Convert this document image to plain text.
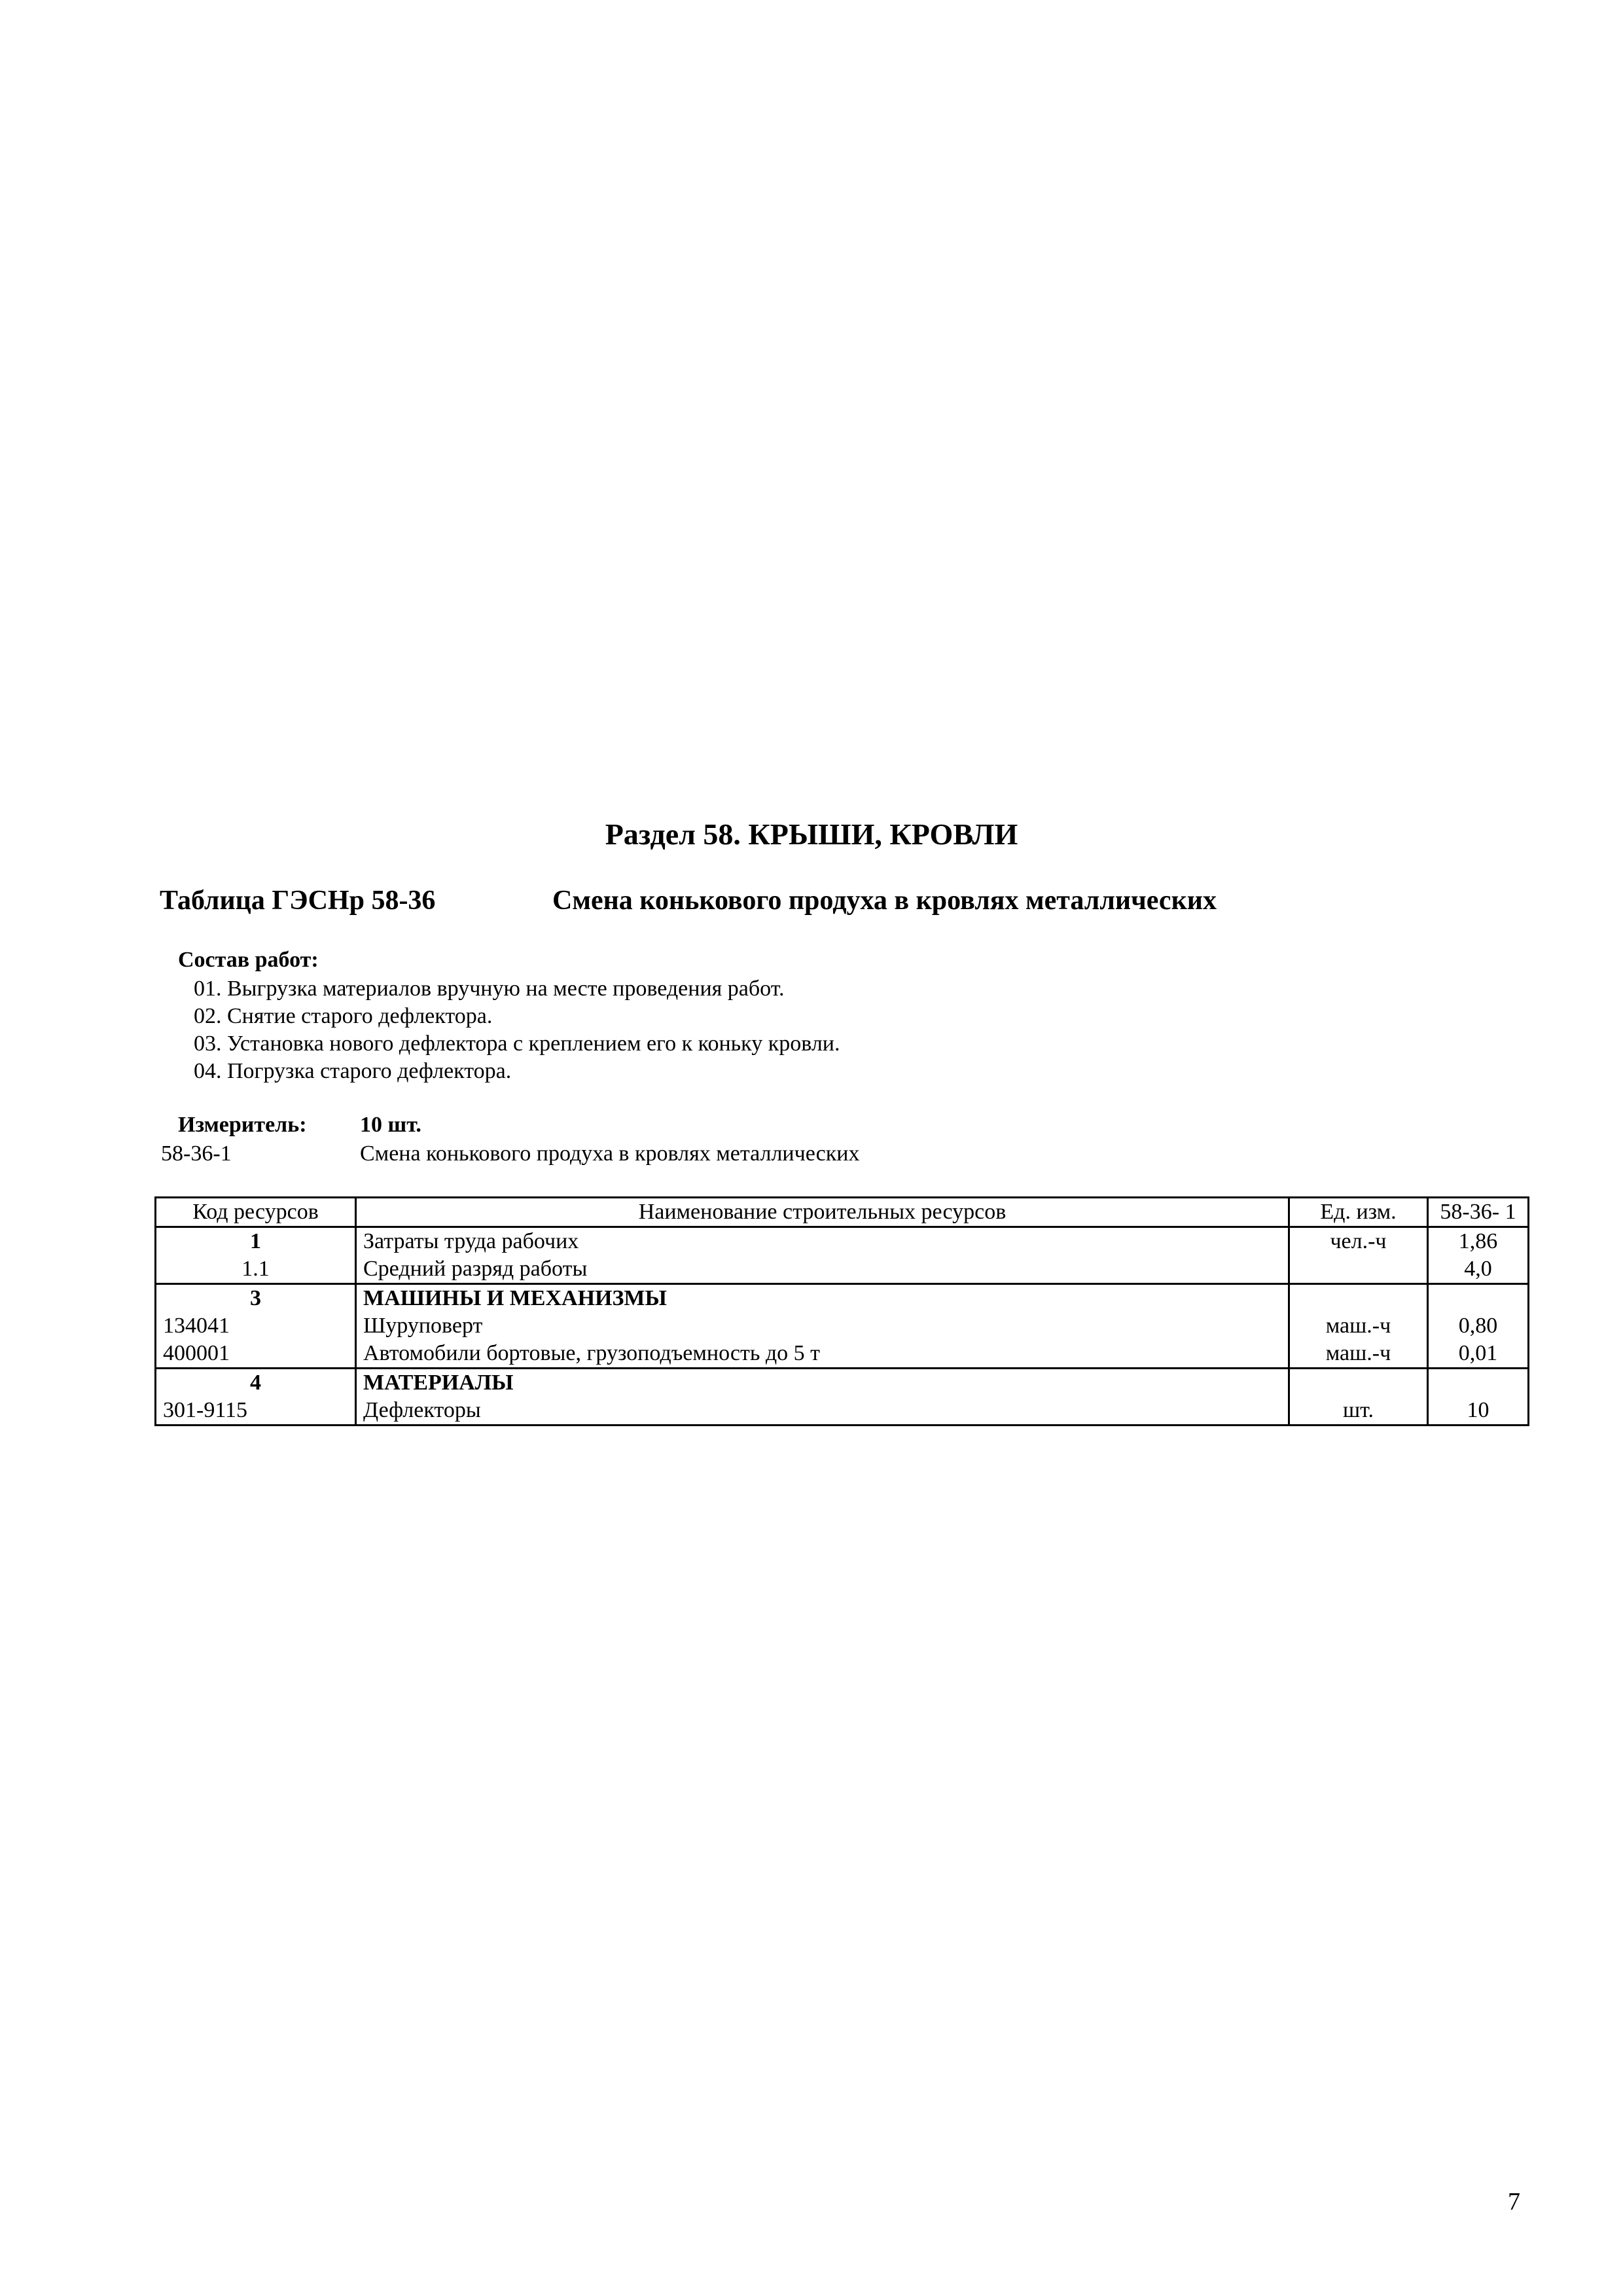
Раздел 58. КРЫШИ, КРОВЛИ
Таблица ГЭСНр 58-36	Смена конькового продуха в кровлях металлических
Состав работ:
01. Выгрузка материалов вручную на месте проведения работ.
02. Снятие старого дефлектора.
03. Установка нового дефлектора с креплением его к коньку кровли.
04. Погрузка старого дефлектора.
Измеритель: 10 шт.
58-36-1	Смена конькового продуха в кровлях металлических
Код ресурсов	Наименование строительных ресурсов	Ед. изм.	58-36- 1
1	Затраты труда рабочих	чел.-ч	1,86
1.1	Средний разряд работы		4,0
3	МАШИНЫ И МЕХАНИЗМЫ		
134041	Шуруповерт	маш.-ч	0,80
400001	Автомобили бортовые, грузоподъемность до 5 т	маш.-ч	0,01
4	МАТЕРИАЛЫ		
301-9115	Дефлекторы	шт.	10
7
